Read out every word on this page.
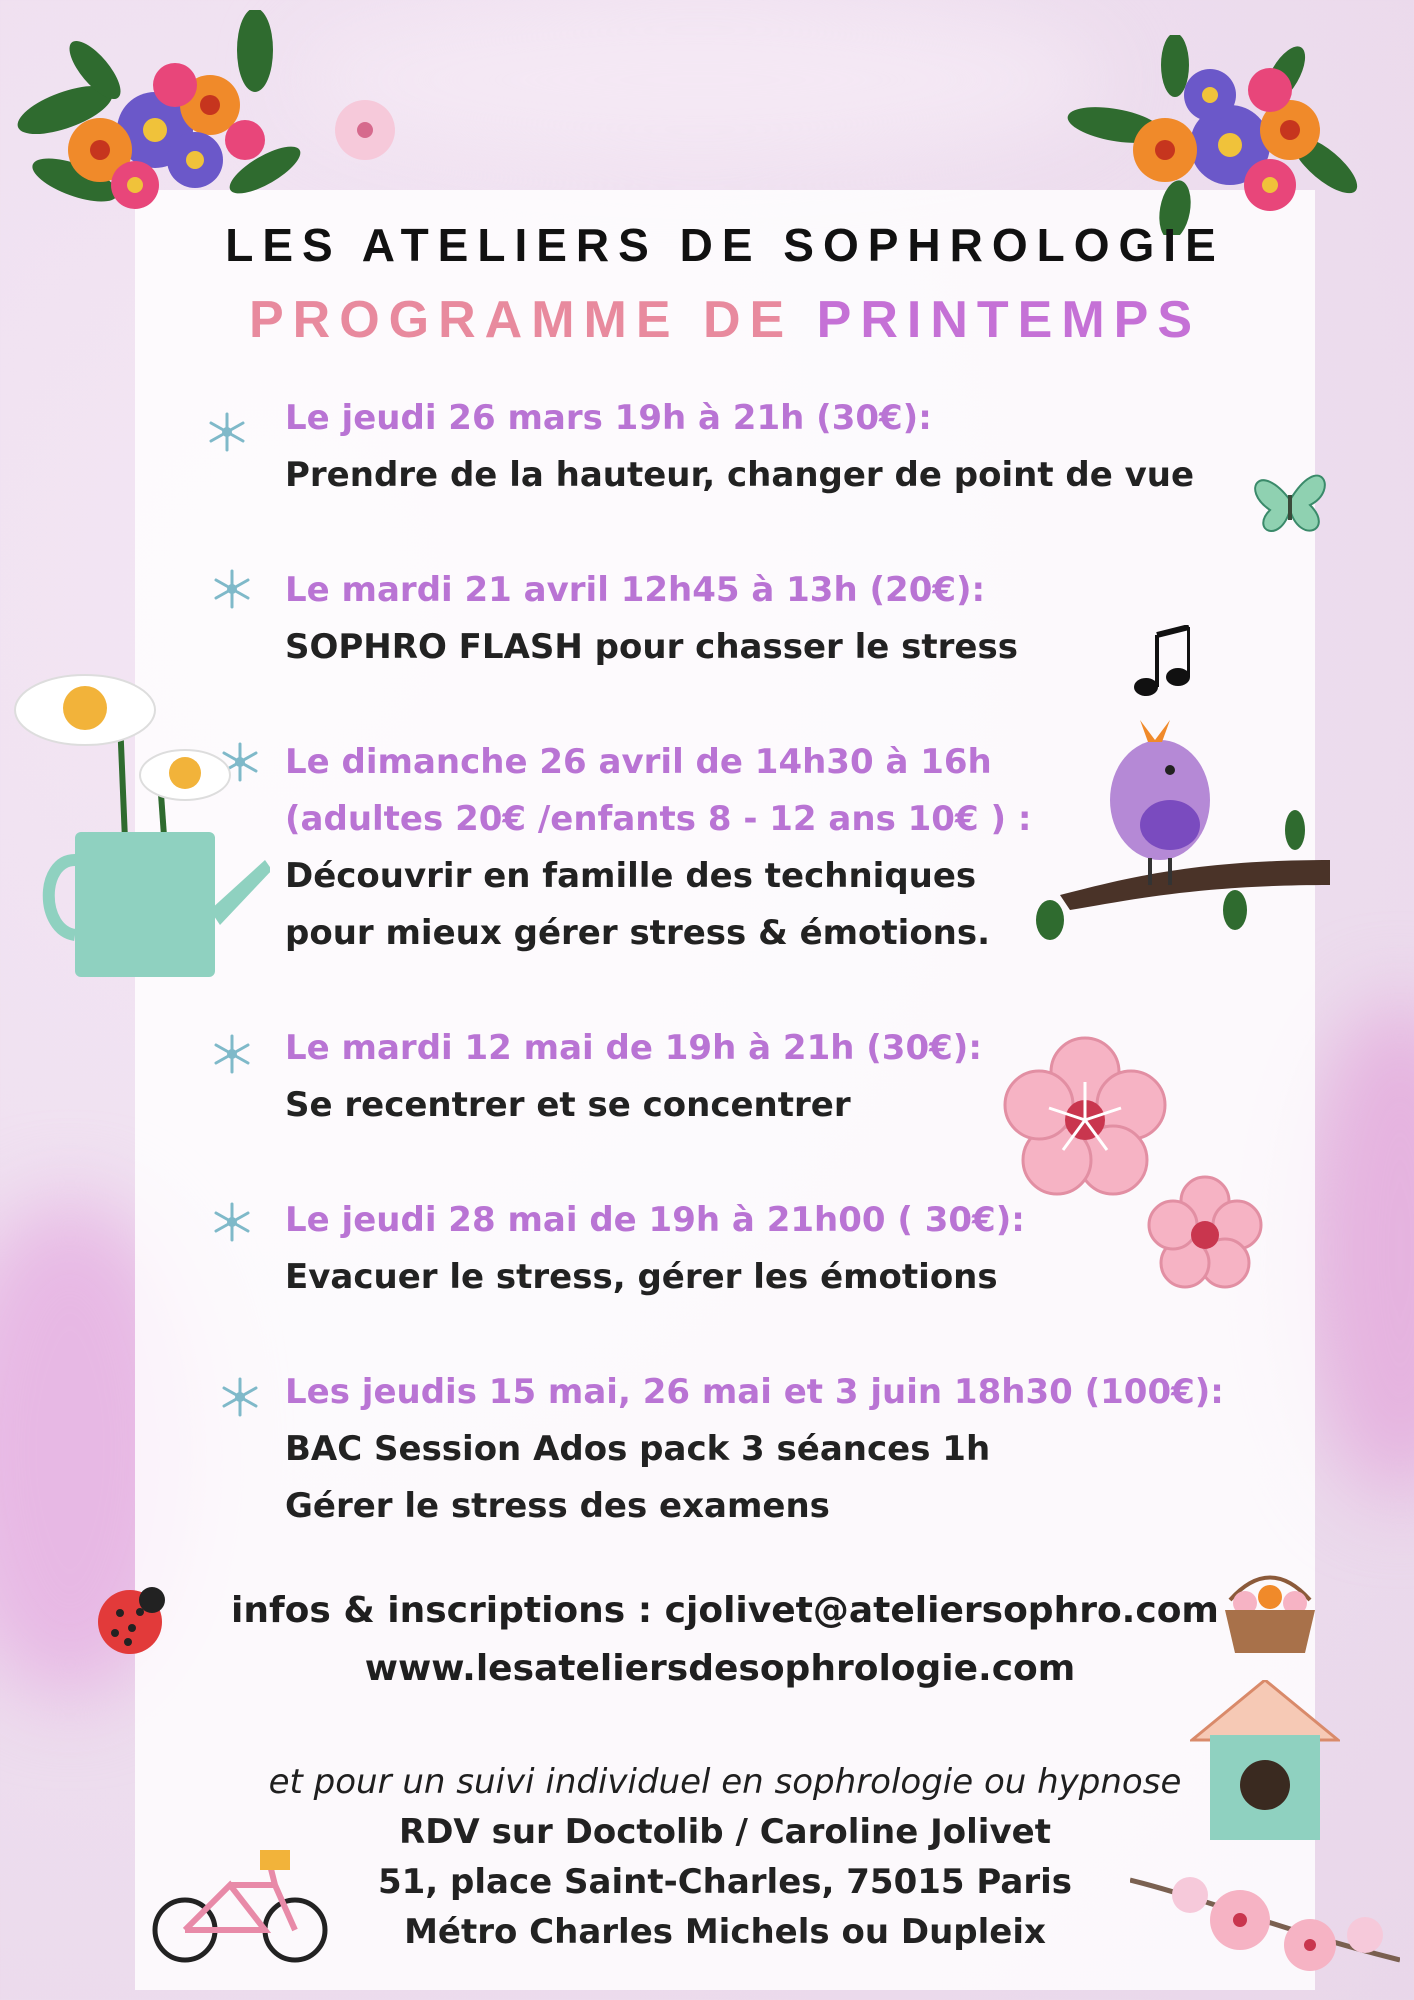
LES ATELIERS DE SOPHROLOGIE
PROGRAMME DE PRINTEMPS
Le jeudi 26 mars 19h à 21h (30€):
Prendre de la hauteur, changer de point de vue
Le mardi 21 avril 12h45 à 13h (20€):
SOPHRO FLASH pour chasser le stress
Le dimanche 26 avril de 14h30 à 16h
(adultes 20€ /enfants 8 - 12 ans 10€ ) :
Découvrir en famille des techniques
pour mieux gérer stress & émotions.
Le mardi 12 mai de 19h à 21h (30€):
Se recentrer et se concentrer
Le jeudi 28 mai de 19h à 21h00 ( 30€):
Evacuer le stress, gérer les émotions
Les jeudis 15 mai, 26 mai et 3 juin 18h30 (100€):
BAC Session Ados pack 3 séances 1h
Gérer le stress des examens
infos & inscriptions : cjolivet@ateliersophro.com
www.lesateliersdesophrologie.com
et pour un suivi individuel en sophrologie ou hypnose
RDV sur Doctolib / Caroline Jolivet
51, place Saint-Charles, 75015 Paris
Métro Charles Michels ou Dupleix
